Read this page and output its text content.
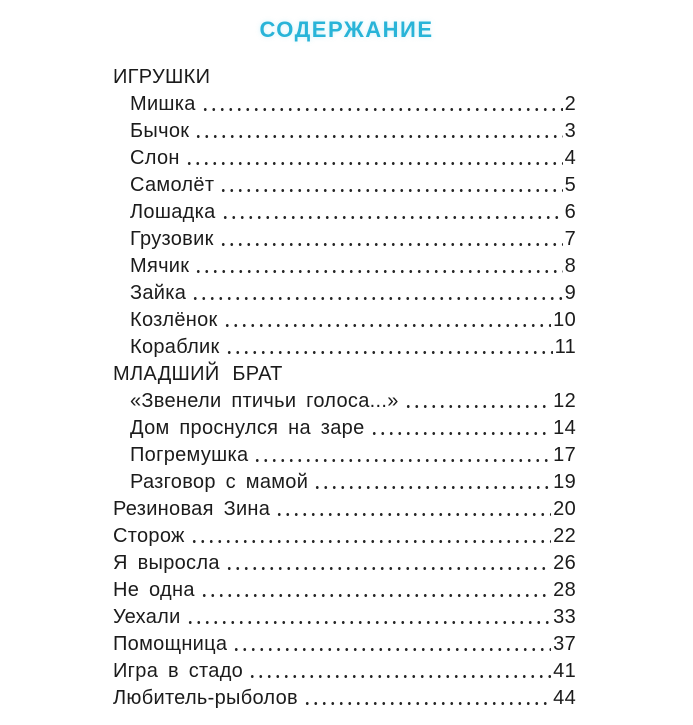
СОДЕРЖАНИЕ
ИГРУШКИ
Мишка	2
Бычок	3
Слон	4
Самолёт	5
Лошадка	6
Грузовик	7
Мячик	8
Зайка	9
Козлёнок	10
Кораблик	11
МЛАДШИЙ БРАТ
«Звенели птичьи голоса...»	12
Дом проснулся на заре	14
Погремушка	17
Разговор с мамой	19
Резиновая Зина	20
Сторож	22
Я выросла	26
Не одна	28
Уехали	33
Помощница	37
Игра в стадо	41
Любитель-рыболов	44
